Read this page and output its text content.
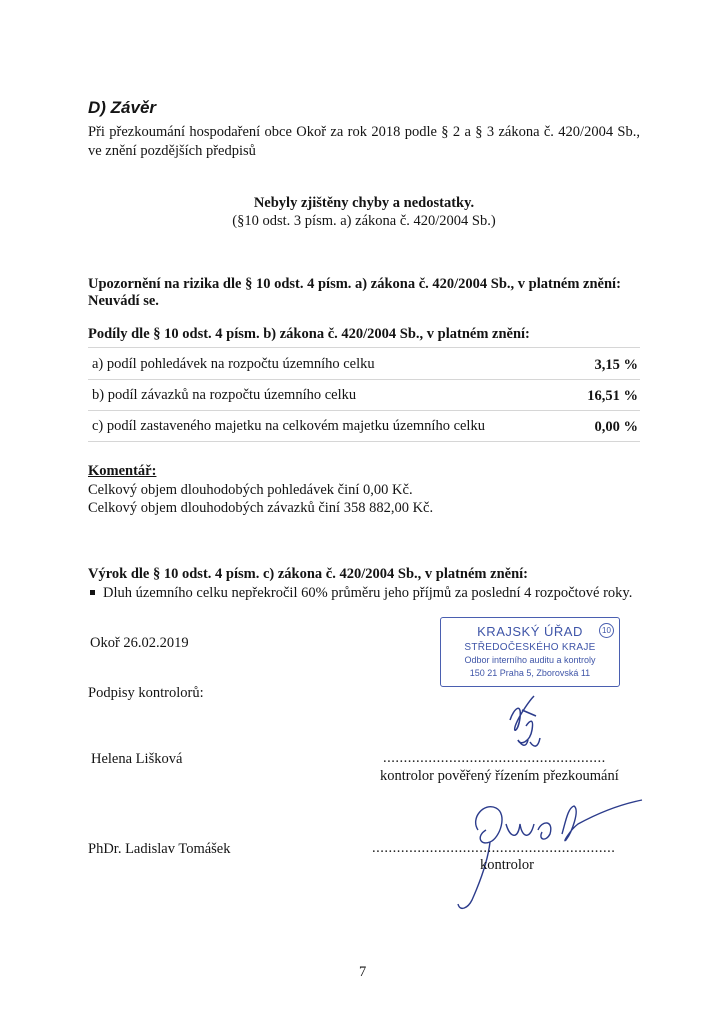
D) Závěr
Při přezkoumání hospodaření obce Okoř za rok 2018 podle § 2 a § 3 zákona č. 420/2004 Sb., ve znění pozdějších předpisů
Nebyly zjištěny chyby a nedostatky.
(§10 odst. 3 písm. a) zákona č. 420/2004 Sb.)
Upozornění na rizika dle § 10 odst. 4 písm. a) zákona č. 420/2004 Sb., v platném znění:
Neuvádí se.
Podíly dle § 10 odst. 4 písm. b) zákona č. 420/2004 Sb., v platném znění:
a) podíl pohledávek na rozpočtu územního celku	3,15 %
b) podíl závazků na rozpočtu územního celku	16,51 %
c) podíl zastaveného majetku na celkovém majetku územního celku	0,00 %
Komentář:
Celkový objem dlouhodobých pohledávek činí 0,00 Kč.
Celkový objem dlouhodobých závazků činí 358 882,00 Kč.
Výrok dle § 10 odst. 4 písm. c) zákona č. 420/2004 Sb., v platném znění:
Dluh územního celku nepřekročil 60% průměru jeho příjmů za poslední 4 rozpočtové roky.
Okoř 26.02.2019
KRAJSKÝ ÚŘAD
STŘEDOČESKÉHO KRAJE
Odbor interního auditu a kontroly
150 21 Praha 5, Zborovská 11
10
Podpisy kontrolorů:
Helena Lišková	......................................................
kontrolor pověřený řízením přezkoumání
PhDr. Ladislav Tomášek	...........................................................
kontrolor
7
